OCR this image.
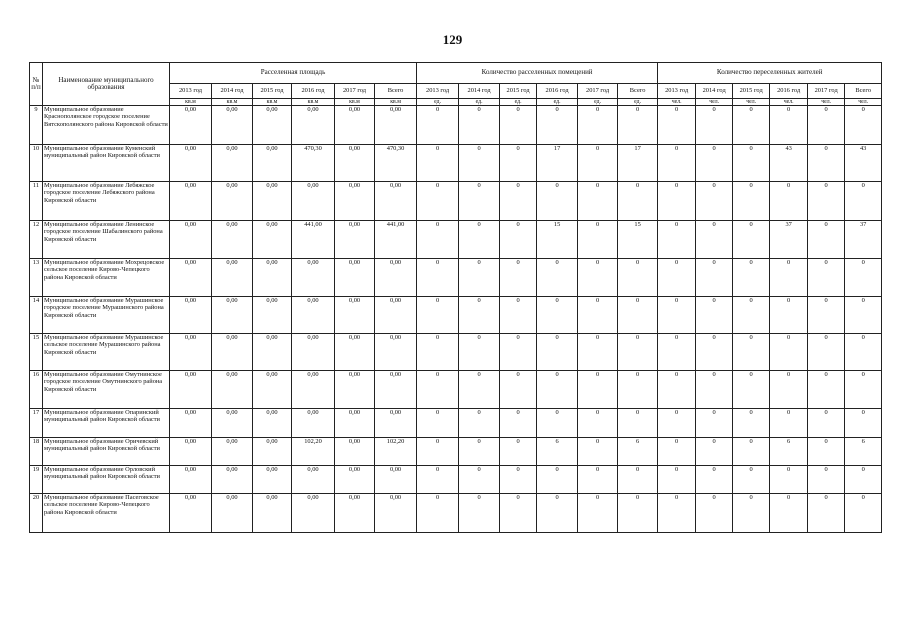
129
№ п/п	Наименование муниципального образования	Расселенная площадь						Количество расселенных помещений						Количество переселенных жителей					
		2013 год	2014 год	2015 год	2016 год	2017 год	Всего	2013 год	2014 год	2015 год	2016 год	2017 год	Всего	2013 год	2014 год	2015 год	2016 год	2017 год	Всего
		кв.м	кв.м	кв.м	кв.м	кв.м	кв.м	ед.	ед.	ед.	ед.	ед.	ед.	чел.	чел.	чел.	чел.	чел.	чел.
9	Муниципальное образование Краснополянское городское поселение Вятскополянского района Кировской области	0,00	0,00	0,00	0,00	0,00	0,00	0	0	0	0	0	0	0	0	0	0	0	0
10	Муниципальное образование Куменский муниципальный район Кировской области	0,00	0,00	0,00	470,30	0,00	470,30	0	0	0	17	0	17	0	0	0	43	0	43
11	Муниципальное образование Лебяжское городское поселение Лебяжского района Кировской области	0,00	0,00	0,00	0,00	0,00	0,00	0	0	0	0	0	0	0	0	0	0	0	0
12	Муниципальное образование Ленинское городское поселение Шабалинского района Кировской области	0,00	0,00	0,00	441,00	0,00	441,00	0	0	0	15	0	15	0	0	0	37	0	37
13	Муниципальное образование Мохрецовское сельское поселение Кирово-Чепецкого района Кировской области	0,00	0,00	0,00	0,00	0,00	0,00	0	0	0	0	0	0	0	0	0	0	0	0
14	Муниципальное образование Мурашинское городское поселение Мурашинского района Кировской области	0,00	0,00	0,00	0,00	0,00	0,00	0	0	0	0	0	0	0	0	0	0	0	0
15	Муниципальное образование Мурашинское сельское поселение Мурашинского района Кировской области	0,00	0,00	0,00	0,00	0,00	0,00	0	0	0	0	0	0	0	0	0	0	0	0
16	Муниципальное образование Омутнинское городское поселение Омутнинского района Кировской области	0,00	0,00	0,00	0,00	0,00	0,00	0	0	0	0	0	0	0	0	0	0	0	0
17	Муниципальное образование Опаринский муниципальный район Кировской области	0,00	0,00	0,00	0,00	0,00	0,00	0	0	0	0	0	0	0	0	0	0	0	0
18	Муниципальное образование Оричевский муниципальный район Кировской области	0,00	0,00	0,00	102,20	0,00	102,20	0	0	0	6	0	6	0	0	0	6	0	6
19	Муниципальное образование Орловский муниципальный район Кировской области	0,00	0,00	0,00	0,00	0,00	0,00	0	0	0	0	0	0	0	0	0	0	0	0
20	Муниципальное образование Пасеговское сельское поселение Кирово-Чепецкого района Кировской области	0,00	0,00	0,00	0,00	0,00	0,00	0	0	0	0	0	0	0	0	0	0	0	0
